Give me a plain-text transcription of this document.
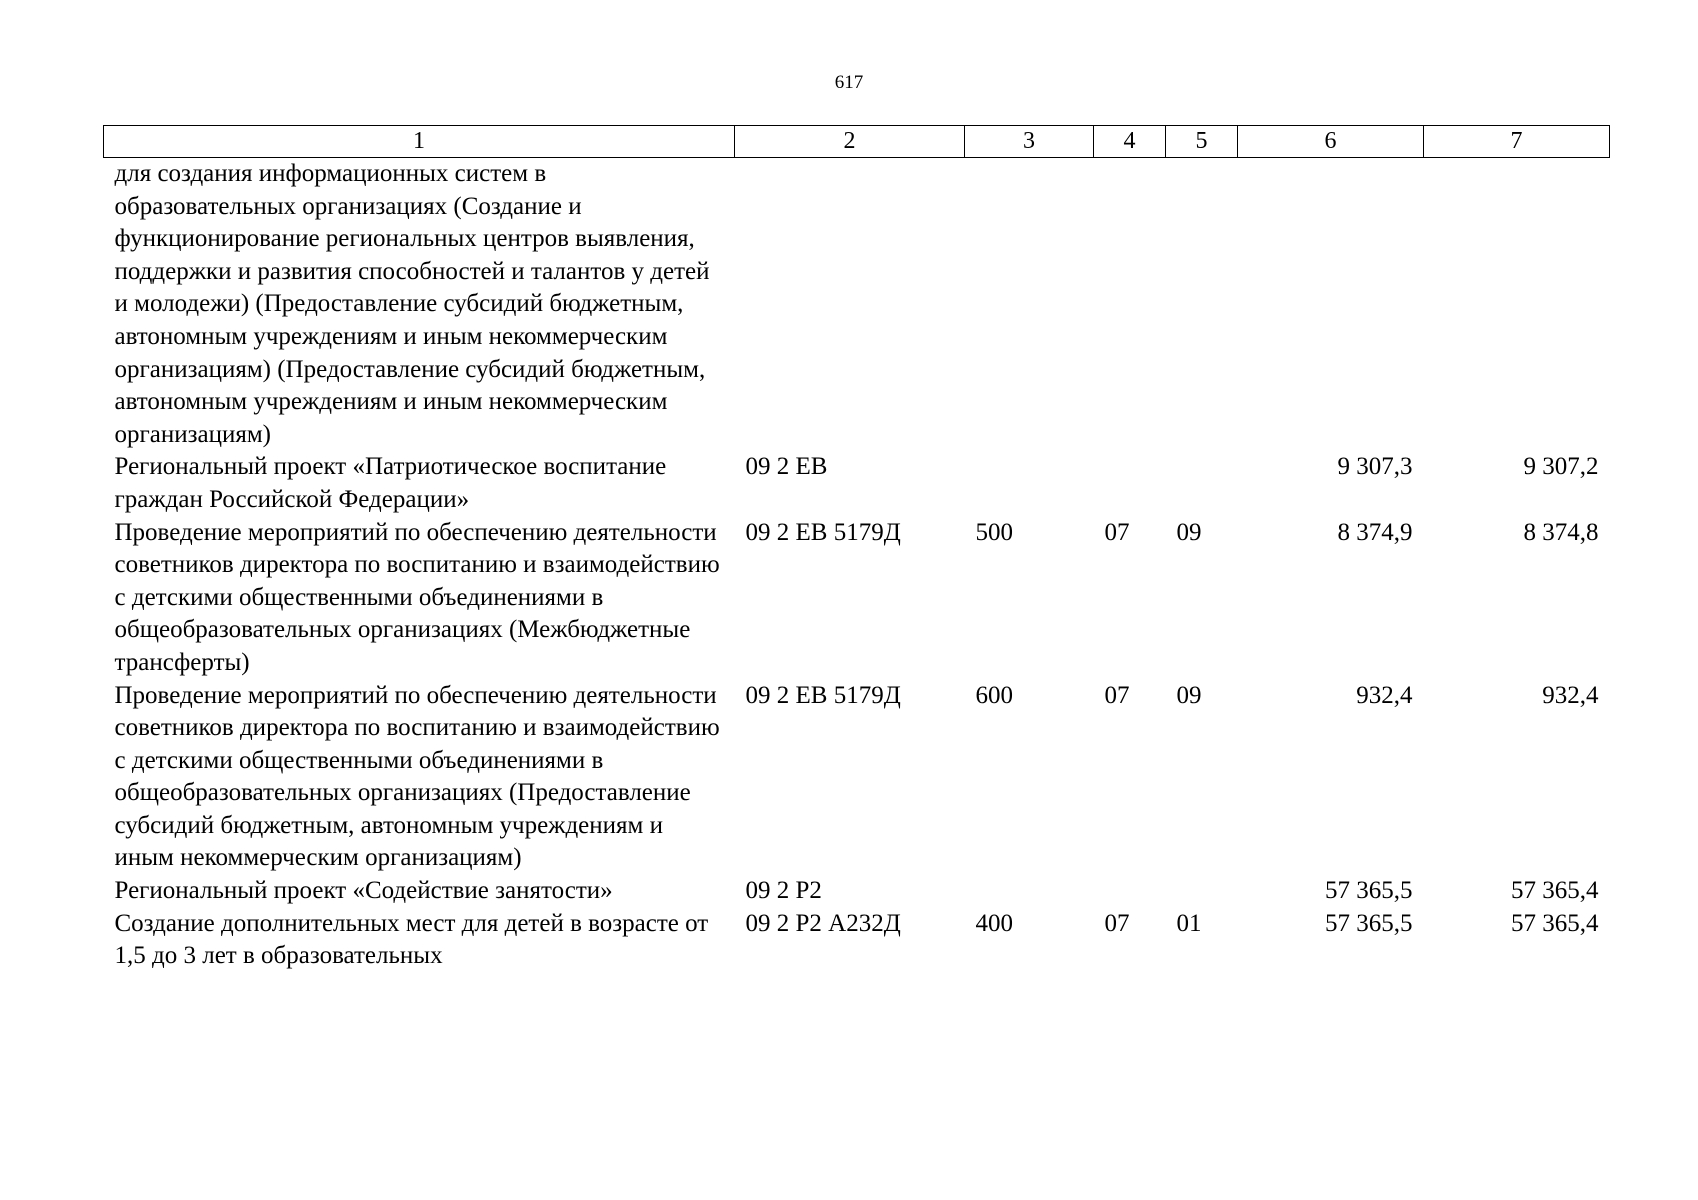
617
1	2	3	4	5	6	7
для создания информационных систем в образовательных организациях (Создание и функционирование региональных центров выявления, поддержки и развития способностей и талантов у детей и молодежи) (Предоставление субсидий бюджетным, автономным учреждениям и иным некоммерческим организациям) (Предоставление субсидий бюджетным, автономным учреждениям и иным некоммерческим организациям)						
Региональный проект «Патриотическое воспитание граждан Российской Федерации»	09 2 ЕВ				9 307,3	9 307,2
Проведение мероприятий по обеспечению деятельности советников директора по воспитанию и взаимодействию с детскими общественными объединениями в общеобразовательных организациях (Межбюджетные трансферты)	09 2 ЕВ 5179Д	500	07	09	8 374,9	8 374,8
Проведение мероприятий по обеспечению деятельности советников директора по воспитанию и взаимодействию с детскими общественными объединениями в общеобразовательных организациях (Предоставление субсидий бюджетным, автономным учреждениям и иным некоммерческим организациям)	09 2 ЕВ 5179Д	600	07	09	932,4	932,4
Региональный проект «Содействие занятости»	09 2 Р2				57 365,5	57 365,4
Создание дополнительных мест для детей в возрасте от 1,5 до 3 лет в образовательных	09 2 Р2 А232Д	400	07	01	57 365,5	57 365,4
